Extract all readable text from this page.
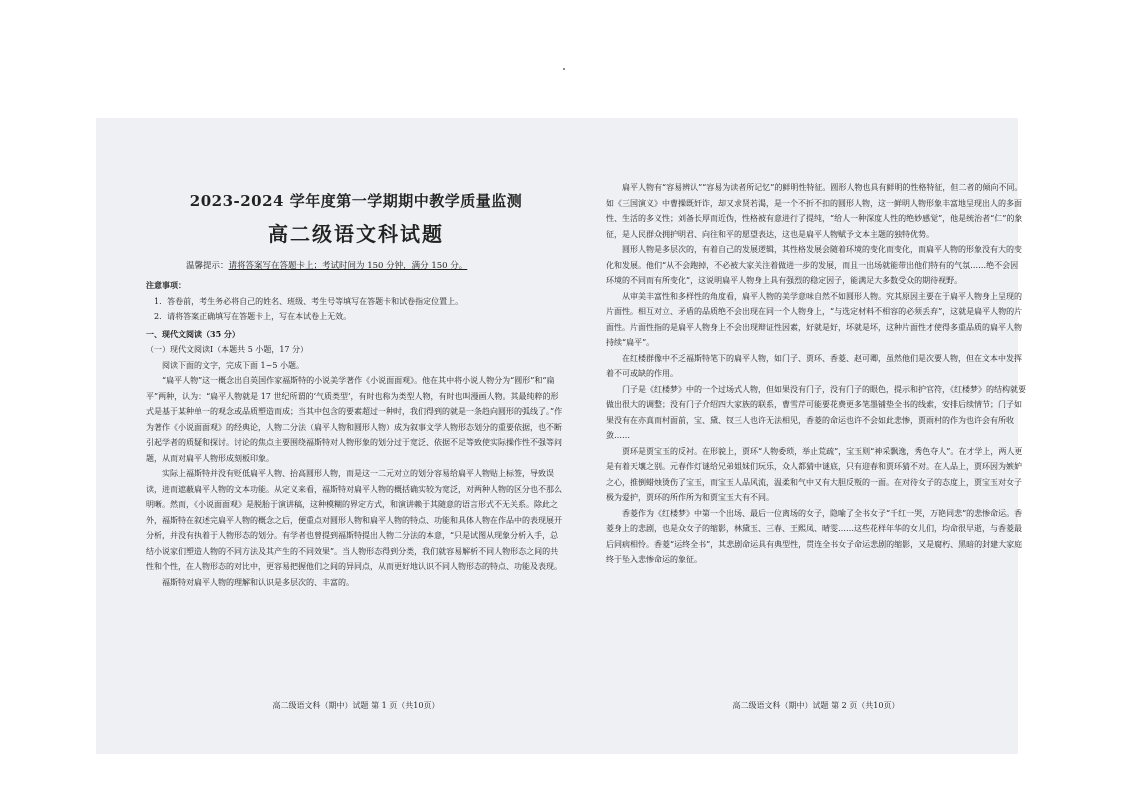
2023-2024 学年度第一学期期中教学质量监测
高二级语文科试题
温馨提示：请将答案写在答题卡上；考试时间为 150 分钟，满分 150 分。

注意事项：

1．答卷前，考生务必将自己的姓名、班级、考生号等填写在答题卡和试卷指定位置上。

2．请将答案正确填写在答题卡上，写在本试卷上无效。

一、现代文阅读（35 分）

（一）现代文阅读Ⅰ（本题共 5 小题，17 分）

阅读下面的文字，完成下面 1~5 小题。

“扁平人物”这一概念出自英国作家福斯特的小说美学著作《小说面面观》。他在其中将小说人物分为“圆形”和“扁平”两种，认为：“扁平人物就是 17 世纪所谓的‘气质类型’，有时也称为类型人物，有时也叫漫画人物。其最纯粹的形式是基于某种单一的观念或品质塑造而成；当其中包含的要素超过一种时，我们得到的就是一条趋向圆形的弧线了。”作为著作《小说面面观》的经典论，人物二分法（扁平人物和圆形人物）成为叙事文学人物形态划分的重要依据，也不断引起学者的质疑和探讨。讨论的焦点主要围绕福斯特对人物形象的划分过于宽泛、依据不足等致使实际操作性不强等问题，从而对扁平人物形成刻板印象。

实际上福斯特并没有贬低扁平人物、抬高圆形人物，而是这一二元对立的划分容易给扁平人物贴上标签，导致误读，进而遮蔽扁平人物的文本功能。从定义来看，福斯特对扁平人物的概括确实较为宽泛，对两种人物的区分也不那么明晰。然而，《小说面面观》是脱胎于演讲稿，这种模糊的界定方式，和演讲赖于其随意的语言形式不无关系。除此之外，福斯特在叙述完扁平人物的概念之后，便重点对圆形人物和扁平人物的特点、功能和具体人物在作品中的表现展开分析，并没有执着于人物形态的划分。有学者也曾提到福斯特提出人物二分法的本意，“只是试图从现象分析入手，总结小说家们塑造人物的不同方法及其产生的不同效果”。当人物形态得到分类，我们就容易解析不同人物形态之间的共性和个性，在人物形态的对比中，更容易把握他们之间的异同点，从而更好地认识不同人物形态的特点、功能及表现。

福斯特对扁平人物的理解和认识是多层次的、丰富的。

高二级语文科（期中）试题 第 1 页（共10页）

扁平人物有“容易辨认”“容易为读者所记忆”的鲜明性特征。圆形人物也具有鲜明的性格特征，但二者的倾向不同。如《三国演义》中曹操既奸诈，却又求贤若渴，是一个不折不扣的圆形人物，这一鲜明人物形象丰富地呈现出人的多面性、生活的多义性；刘备长厚而近伪，性格被有意进行了提纯，“给人一种深度人性的绝妙感觉”，他是统治者“仁”的象征，是人民群众拥护明君、向往和平的愿望表达，这也是扁平人物赋予文本主题的独特优势。

圆形人物是多层次的，有着自己的发展逻辑，其性格发展会随着环境的变化而变化，而扁平人物的形象没有大的变化和发展。他们“从不会跑掉，不必被大家关注着做进一步的发展，而且一出场就能带出他们特有的气氛……绝不会因环境的不同而有所变化”，这说明扁平人物身上具有强烈的稳定因子，能满足大多数受众的期待视野。

从审美丰富性和多样性的角度看，扁平人物的美学意味自然不如圆形人物。究其原因主要在于扁平人物身上呈现的片面性。相互对立、矛盾的品质绝不会出现在同一个人物身上，“与选定材料不相容的必须丢弃”，这就是扁平人物的片面性。片面性指的是扁平人物身上不会出现辩证性因素，好就是好，坏就是坏，这种片面性才使得多重品质的扁平人物持续“扁平”。

在红楼群像中不乏福斯特笔下的扁平人物，如门子、贾环、香菱、赵可卿，虽然他们是次要人物，但在文本中发挥着不可或缺的作用。

门子是《红楼梦》中的一个过场式人物，但如果没有门子，没有门子的眼色，提示和护官符，《红楼梦》的结构就要做出很大的调整；没有门子介绍四大家族的联系，曹雪芹可能要花费更多笔墨铺垫全书的线索，安排后续情节；门子如果没有在亦真而村面前，宝、黛、钗三人也许无法相见，香菱的命运也许不会如此悲惨，贾雨村的作为也许会有所收敛……

贾环是贾宝玉的反衬。在形貌上，贾环“人物委琐，举止荒疏”，宝玉则“神采飘逸，秀色夺人”。在才学上，两人更是有着天壤之别。元春作灯谜给兄弟姐妹们玩乐，众人都猜中谜底，只有迎春和贾环猜不对。在人品上，贾环因为嫉妒之心，推倒蜡烛烫伤了宝玉，而宝玉人品风流，温柔和气中又有大胆反叛的一面。在对待女子的态度上，贾宝玉对女子极为爱护，贾环的所作所为和贾宝玉大有不同。

香菱作为《红楼梦》中第一个出场、最后一位离场的女子，隐喻了全书女子“千红一哭，万艳同悲”的悲惨命运。香菱身上的悲剧，也是众女子的缩影，林黛玉、三春、王熙凤、晴雯……这些花样年华的女儿们，均命很早逝，与香菱最后同病相怜。香菱“运终全书”，其悲剧命运具有典型性，贯连全书女子命运悲剧的缩影，又是腐朽、黑暗的封建大家庭终于坠入悲惨命运的象征。

高二级语文科（期中）试题 第 2 页（共10页）
